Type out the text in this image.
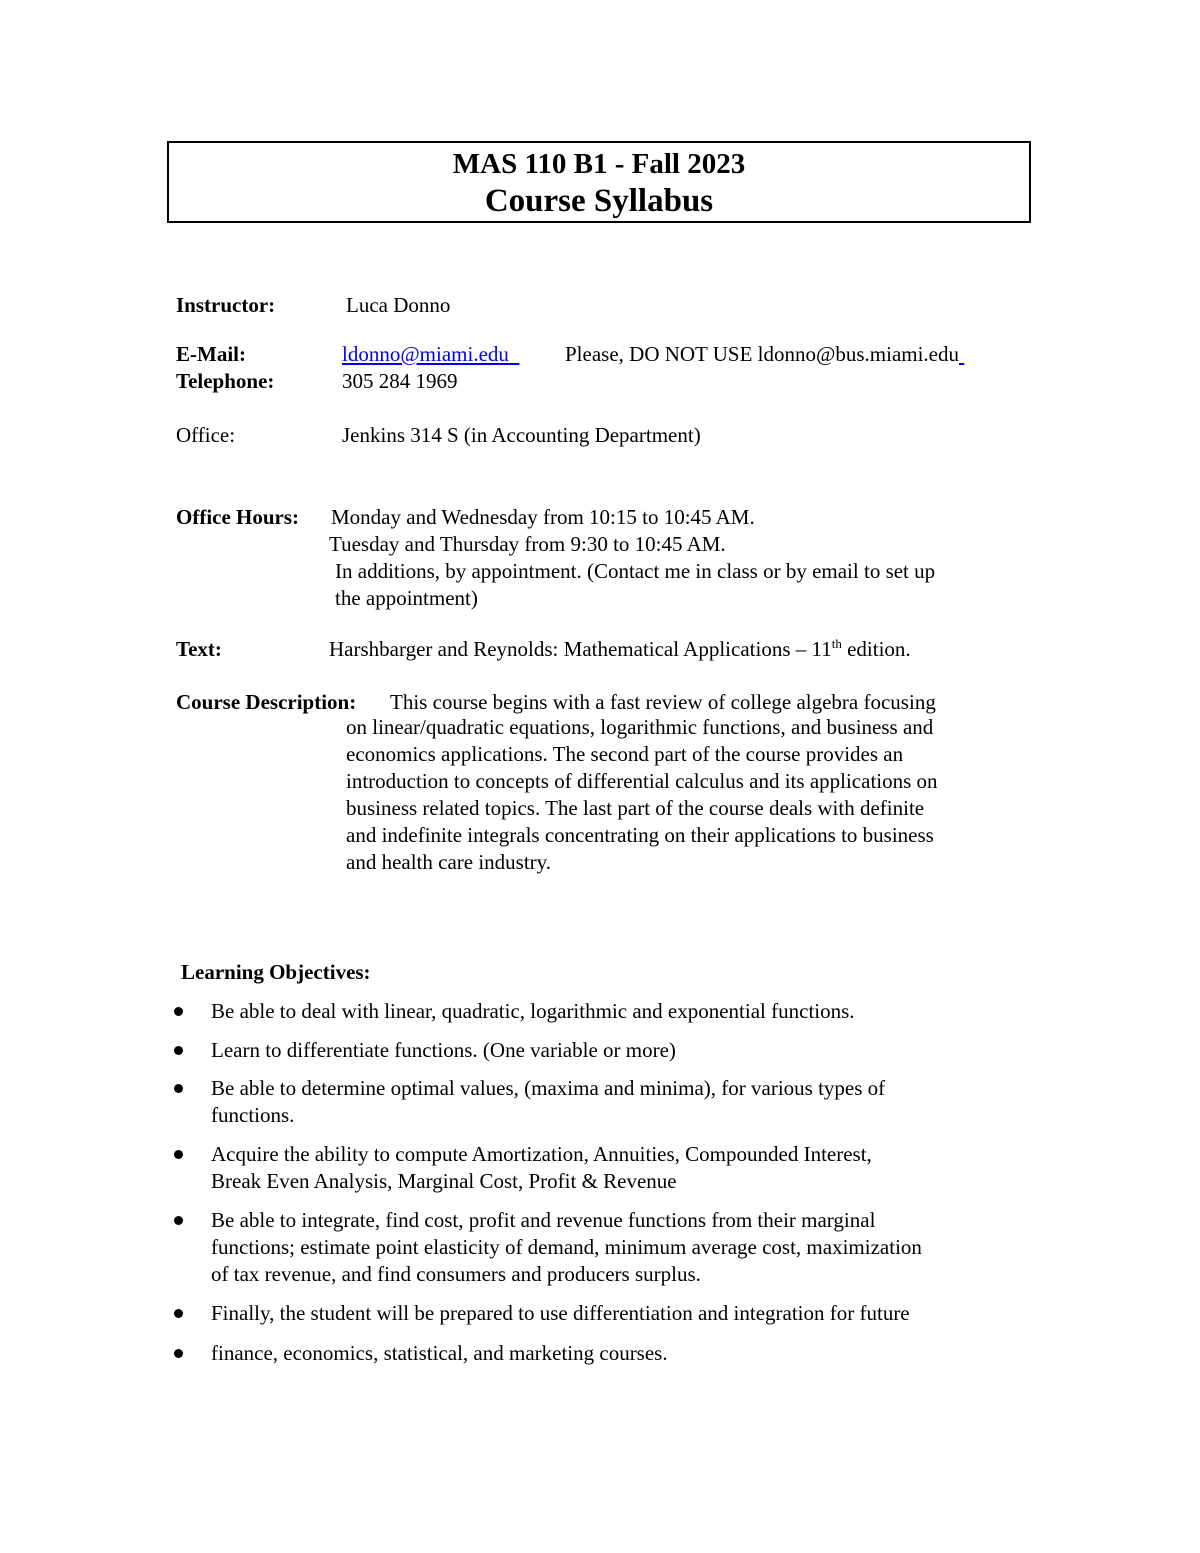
MAS 110 B1 - Fall 2023
Course Syllabus
Instructor:	Luca Donno
E-Mail:	ldonno@miami.edu	Please, DO NOT USE ldonno@bus.miami.edu
Telephone:	305 284 1969
Office:	Jenkins 314 S (in Accounting Department)
Office Hours: Monday and Wednesday from 10:15 to 10:45 AM.
Tuesday and Thursday from 9:30 to 10:45 AM.
In additions, by appointment. (Contact me in class or by email to set up
the appointment)
Text:	Harshbarger and Reynolds: Mathematical Applications – 11th edition.
Course Description: This course begins with a fast review of college algebra focusing
on linear/quadratic equations, logarithmic functions, and business and
economics applications. The second part of the course provides an
introduction to concepts of differential calculus and its applications on
business related topics. The last part of the course deals with definite
and indefinite integrals concentrating on their applications to business
and health care industry.
Learning Objectives:
Be able to deal with linear, quadratic, logarithmic and exponential functions.
Learn to differentiate functions. (One variable or more)
Be able to determine optimal values, (maxima and minima), for various types of
functions.
Acquire the ability to compute Amortization, Annuities, Compounded Interest,
Break Even Analysis, Marginal Cost, Profit & Revenue
Be able to integrate, find cost, profit and revenue functions from their marginal
functions; estimate point elasticity of demand, minimum average cost, maximization
of tax revenue, and find consumers and producers surplus.
Finally, the student will be prepared to use differentiation and integration for future
finance, economics, statistical, and marketing courses.
